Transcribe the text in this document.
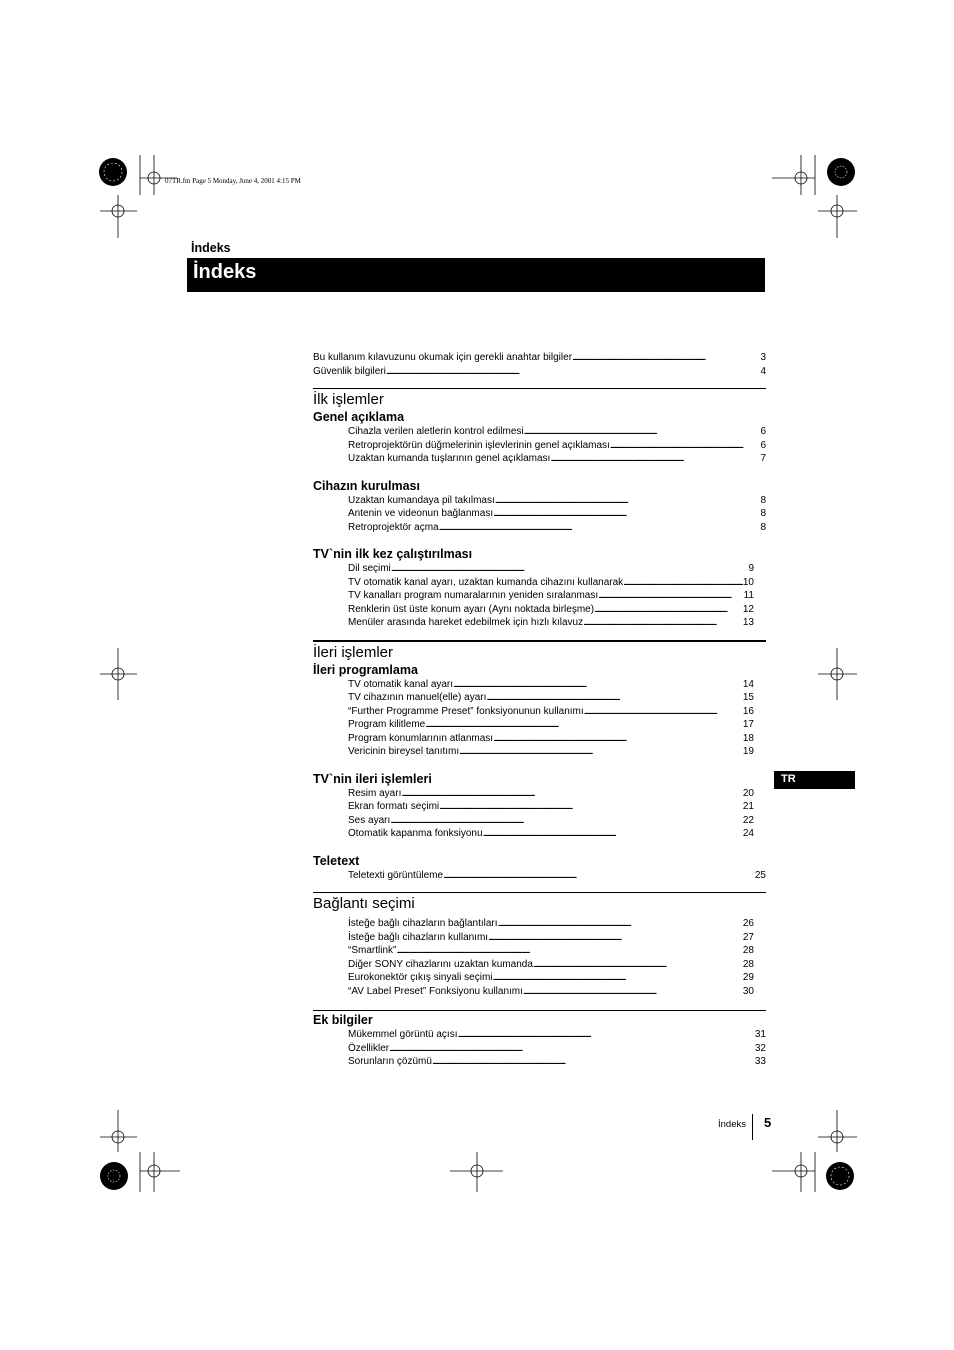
07TR.fm Page 5 Monday, June 4, 2001 4:15 PM
İndeks
İndeks
Bu kullanım kılavuzunu okumak için gerekli anahtar bilgiler . . .	3
Güvenlik bilgileri . . .	4
İlk işlemler
Genel açıklama
Cihazla verilen aletlerin kontrol edilmesi . . .	6
Retroprojektörün düğmelerinin işlevlerinin genel açıklaması . . .	6
Uzaktan kumanda tuşlarının genel açıklaması . . .	7
Cihazın kurulması
Uzaktan kumandaya pil takılması . . .	8
Antenin ve videonun bağlanması . . .	8
Retroprojektör açma . . .	8
TV`nin ilk kez çalıştırılması
Dil seçimi . . .	9
TV otomatik kanal ayarı, uzaktan kumanda cihazını kullanarak . . .	10
TV kanalları program numaralarının yeniden sıralanması . . .	11
Renklerin üst üste konum ayarı (Aynı noktada birleşme) . . .	12
Menüler arasında hareket edebilmek için hızlı kılavuz . . .	13
İleri işlemler
İleri programlama
TV otomatik kanal ayarı . . .	14
TV cihazının manuel(elle) ayarı . . .	15
“Further Programme Preset” fonksiyonunun kullanımı . . .	16
Program kilitleme . . .	17
Program konumlarının atlanması . . .	18
Vericinin bireysel tanıtımı . . .	19
TV`nin ileri işlemleri
Resim ayarı . . .	20
Ekran formatı seçimi . . .	21
Ses ayarı . . .	22
Otomatik kapanma fonksiyonu . . .	24
Teletext
Teletexti görüntüleme . . .	25
Bağlantı seçimi
İsteğe bağlı cihazların bağlantıları . . .	26
İsteğe bağlı cihazların kullanımı . . .	27
“Smartlink” . . .	28
Diğer SONY cihazlarını uzaktan kumanda . . .	28
Eurokonektör çıkış sinyali seçimi . . .	29
“AV Label Preset” Fonksiyonu kullanımı . . .	30
Ek bilgiler
Mükemmel görüntü açısı . . .	31
Özellikler . . .	32
Sorunların çözümü . . .	33
TR
İndeks 5
